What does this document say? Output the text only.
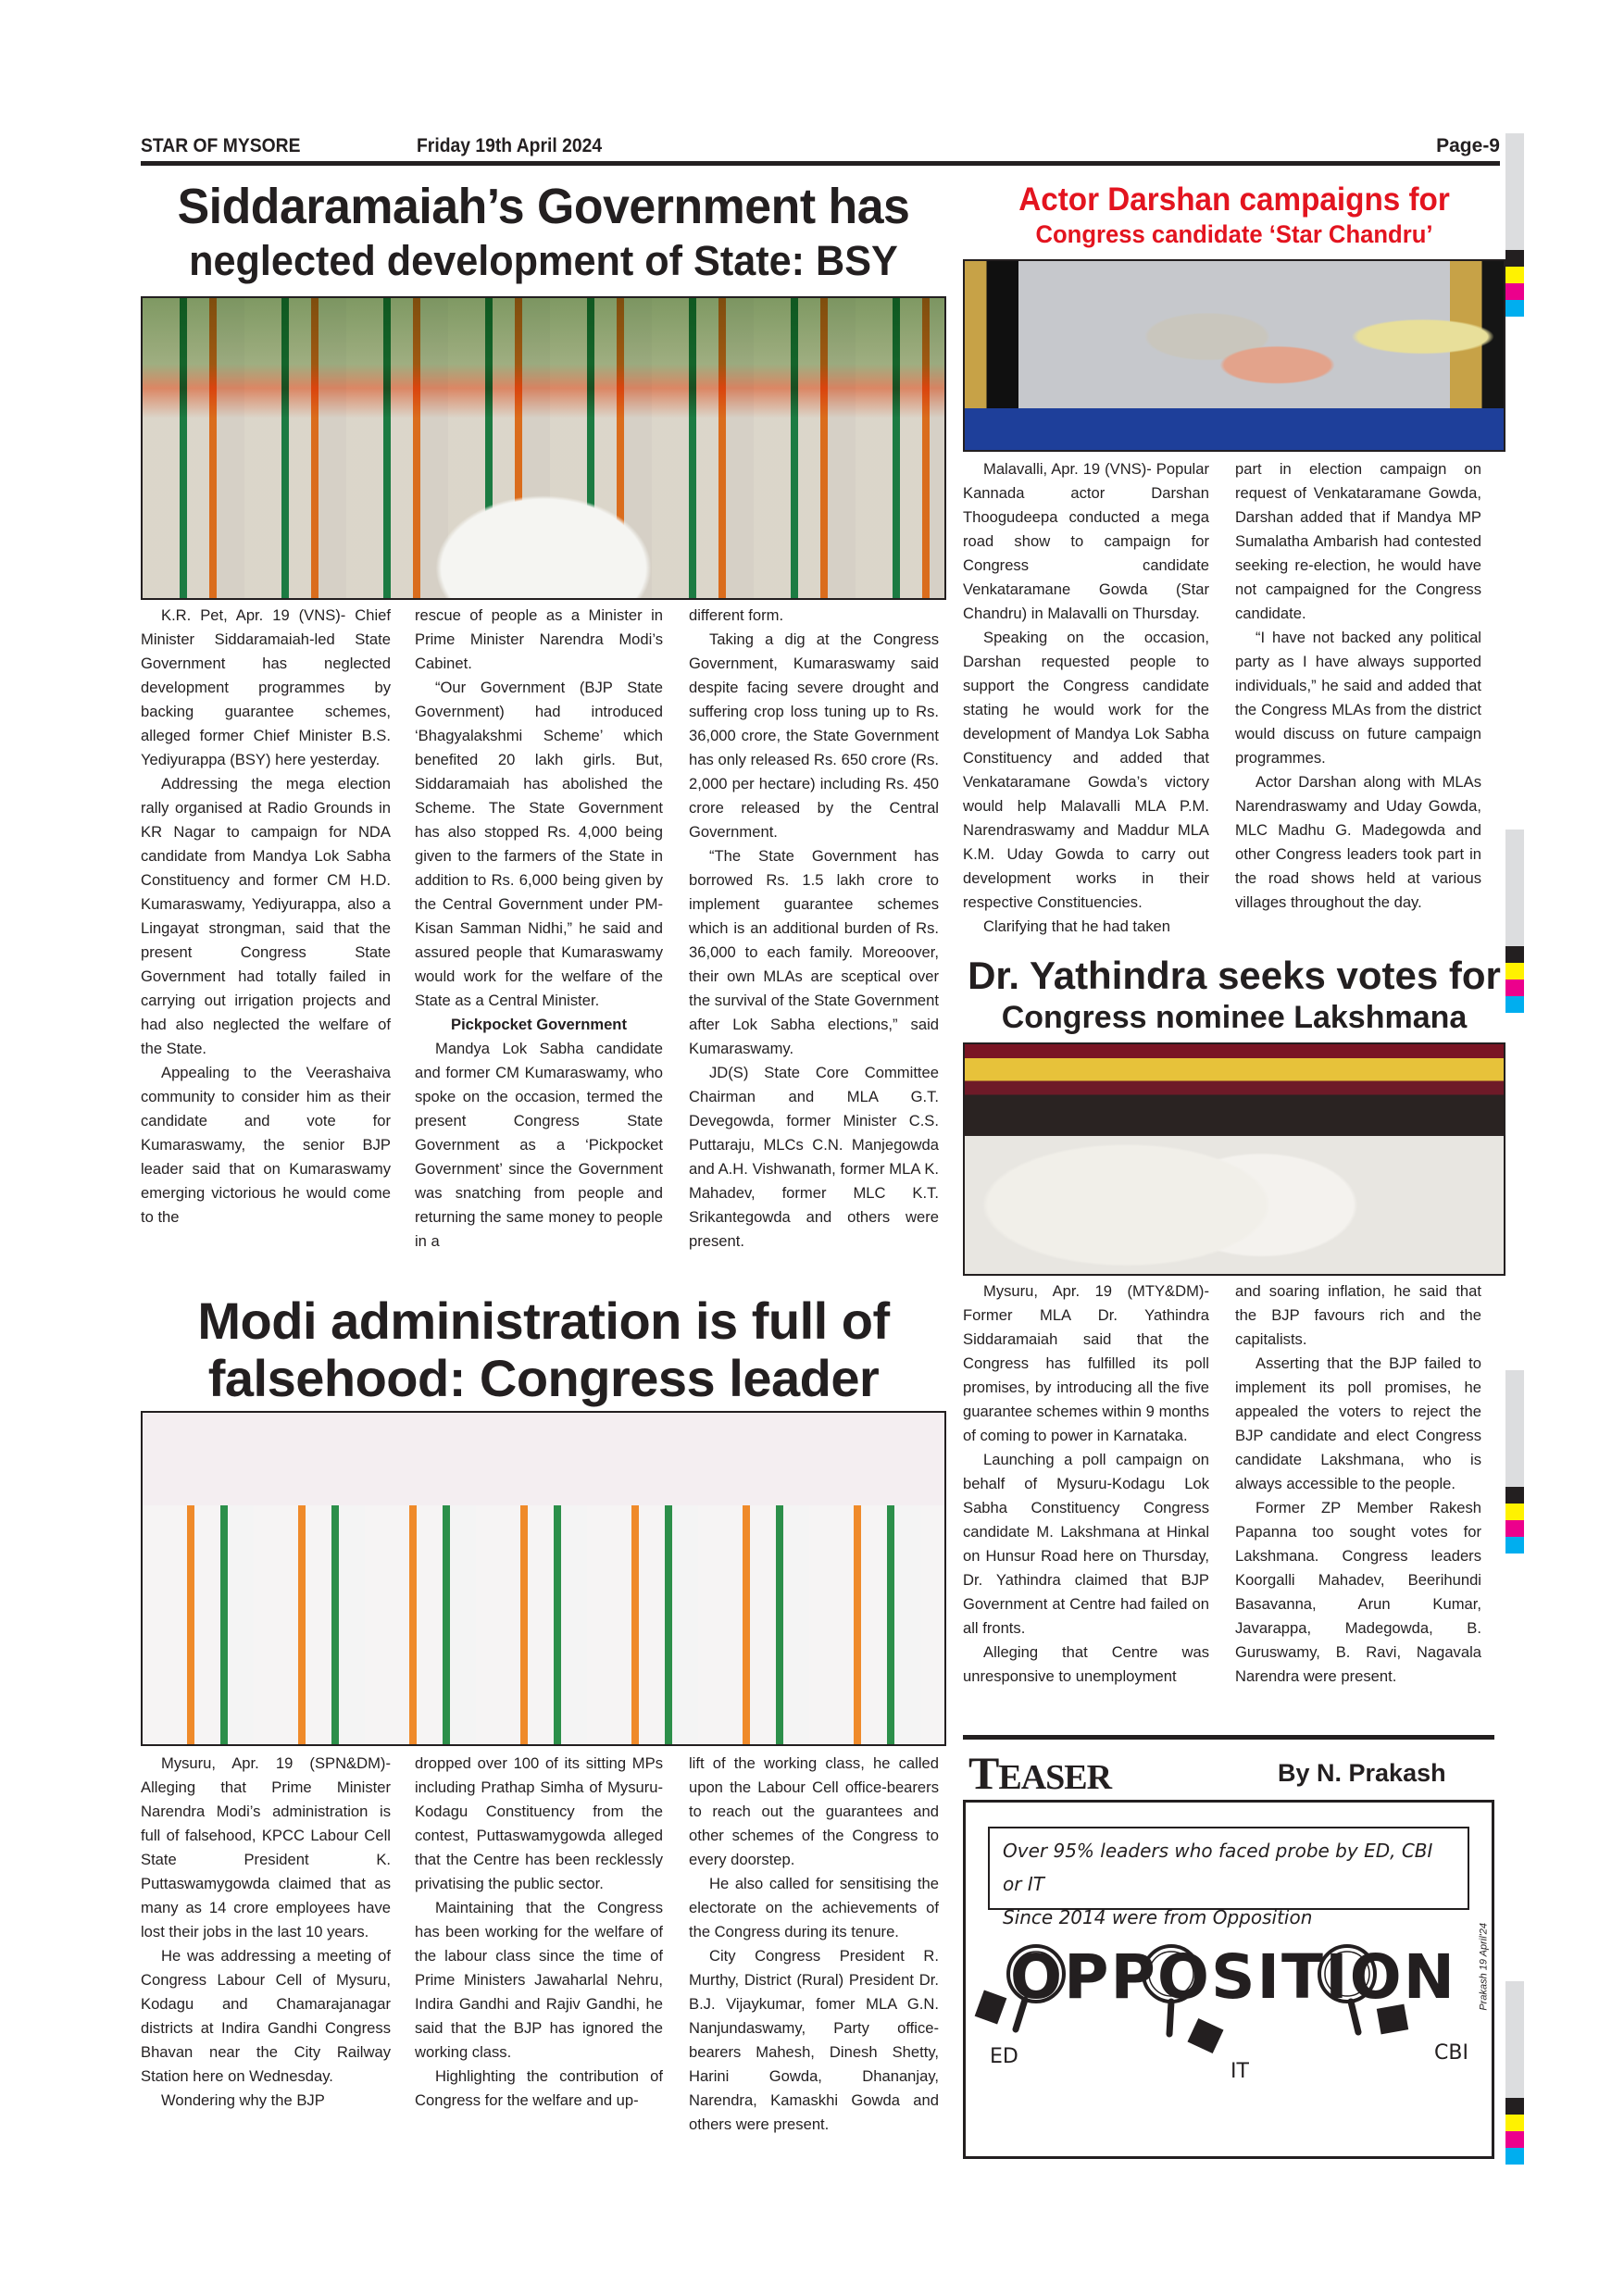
STAR OF MYSORE	Friday 19th April 2024	Page-9
Siddaramaiah’s Government has
neglected development of State: BSY

K.R. Pet, Apr. 19 (VNS)- Chief Minister Siddaramaiah-led State Government has neglected development programmes by backing guarantee schemes, alleged former Chief Minister B.S. Yediyurappa (BSY) here yesterday.

Addressing the mega election rally organised at Radio Grounds in KR Nagar to campaign for NDA candidate from Mandya Lok Sabha Constituency and former CM H.D. Kumaraswamy, Yediyurappa, also a Lingayat strongman, said that the present Congress State Government had totally failed in carrying out irrigation projects and had also neglected the welfare of the State.

Appealing to the Veerashaiva community to consider him as their candidate and vote for Kumaraswamy, the senior BJP leader said that on Kumaraswamy emerging victorious he would come to the

rescue of people as a Minister in Prime Minister Narendra Modi’s Cabinet.

“Our Government (BJP State Government) had introduced ‘Bhagyalakshmi Scheme’ which benefited 20 lakh girls. But, Siddaramaiah has abolished the Scheme. The State Government has also stopped Rs. 4,000 being given to the farmers of the State in addition to Rs. 6,000 being given by the Central Government under PM-Kisan Samman Nidhi,” he said and assured people that Kumaraswamy would work for the welfare of the State as a Central Minister.

Pickpocket Government

Mandya Lok Sabha candidate and former CM Kumaraswamy, who spoke on the occasion, termed the present Congress State Government as a ‘Pickpocket Government’ since the Government was snatching from people and returning the same money to people in a

different form.

Taking a dig at the Congress Government, Kumaraswamy said despite facing severe drought and suffering crop loss tuning up to Rs. 36,000 crore, the State Government has only released Rs. 650 crore (Rs. 2,000 per hectare) including Rs. 450 crore released by the Central Government.

“The State Government has borrowed Rs. 1.5 lakh crore to implement guarantee schemes which is an additional burden of Rs. 36,000 to each family. Moreoover, their own MLAs are sceptical over the survival of the State Government after Lok Sabha elections,” said Kumaraswamy.

JD(S) State Core Committee Chairman and MLA G.T. Devegowda, former Minister C.S. Puttaraju, MLCs C.N. Manjegowda and A.H. Vishwanath, former MLA K. Mahadev, former MLC K.T. Srikantegowda and others were present.

Actor Darshan campaigns for
Congress candidate ‘Star Chandru’

Malavalli, Apr. 19 (VNS)- Popular Kannada actor Darshan Thoogudeepa conducted a mega road show to campaign for Congress candidate Venkataramane Gowda (Star Chandru) in Malavalli on Thursday.

Speaking on the occasion, Darshan requested people to support the Congress candidate stating he would work for the development of Mandya Lok Sabha Constituency and added that Venkataramane Gowda’s victory would help Malavalli MLA P.M. Narendraswamy and Maddur MLA K.M. Uday Gowda to carry out development works in their respective Constituencies.

Clarifying that he had taken

part in election campaign on request of Venkataramane Gowda, Darshan added that if Mandya MP Sumalatha Ambarish had contested seeking re-election, he would have not campaigned for the Congress candidate.

“I have not backed any political party as I have always supported individuals,” he said and added that the Congress MLAs from the district would discuss on future campaign programmes.

Actor Darshan along with MLAs Narendraswamy and Uday Gowda, MLC Madhu G. Madegowda and other Congress leaders took part in the road shows held at various villages throughout the day.

Dr. Yathindra seeks votes for
Congress nominee Lakshmana

Mysuru, Apr. 19 (MTY&DM)- Former MLA Dr. Yathindra Siddaramaiah said that the Congress has fulfilled its poll promises, by introducing all the five guarantee schemes within 9 months of coming to power in Karnataka.

Launching a poll campaign on behalf of Mysuru-Kodagu Lok Sabha Constituency Congress candidate M. Lakshmana at Hinkal on Hunsur Road here on Thursday, Dr. Yathindra claimed that BJP Government at Centre had failed on all fronts.

Alleging that Centre was unresponsive to unemployment

and soaring inflation, he said that the BJP favours rich and the capitalists.

Asserting that the BJP failed to implement its poll promises, he appealed the voters to reject the BJP candidate and elect Congress candidate Lakshmana, who is always accessible to the people.

Former ZP Member Rakesh Papanna too sought votes for Lakshmana. Congress leaders Koorgalli Mahadev, Beerihundi Basavanna, Arun Kumar, Javarappa, Madegowda, B. Guruswamy, B. Ravi, Nagavala Narendra were present.

Modi administration is full of
falsehood: Congress leader

Mysuru, Apr. 19 (SPN&DM)- Alleging that Prime Minister Narendra Modi’s administration is full of falsehood, KPCC Labour Cell State President K. Puttaswamygowda claimed that as many as 14 crore employees have lost their jobs in the last 10 years.

He was addressing a meeting of Congress Labour Cell of Mysuru, Kodagu and Chamarajanagar districts at Indira Gandhi Congress Bhavan near the City Railway Station here on Wednesday.

Wondering why the BJP

dropped over 100 of its sitting MPs including Prathap Simha of Mysuru-Kodagu Constituency from the contest, Puttaswamygowda alleged that the Centre has been recklessly privatising the public sector.

Maintaining that the Congress has been working for the welfare of the labour class since the time of Prime Ministers Jawaharlal Nehru, Indira Gandhi and Rajiv Gandhi, he said that the BJP has ignored the working class.

Highlighting the contribution of Congress for the welfare and up-

lift of the working class, he called upon the Labour Cell office-bearers to reach out the guarantees and other schemes of the Congress to every doorstep.

He also called for sensitising the electorate on the achievements of the Congress during its tenure.

City Congress President R. Murthy, District (Rural) President Dr. B.J. Vijaykumar, fomer MLA G.N. Nanjundaswamy, Party office-bearers Mahesh, Dinesh Shetty, Harini Gowda, Dhananjay, Narendra, Kamaskhi Gowda and others were present.

TEASER	By N. Prakash
Over 95% leaders who faced probe by ED, CBI or IT
Since 2014 were from Opposition
OPPOSITION
ED
IT
CBI
Prakash 19 April'24
